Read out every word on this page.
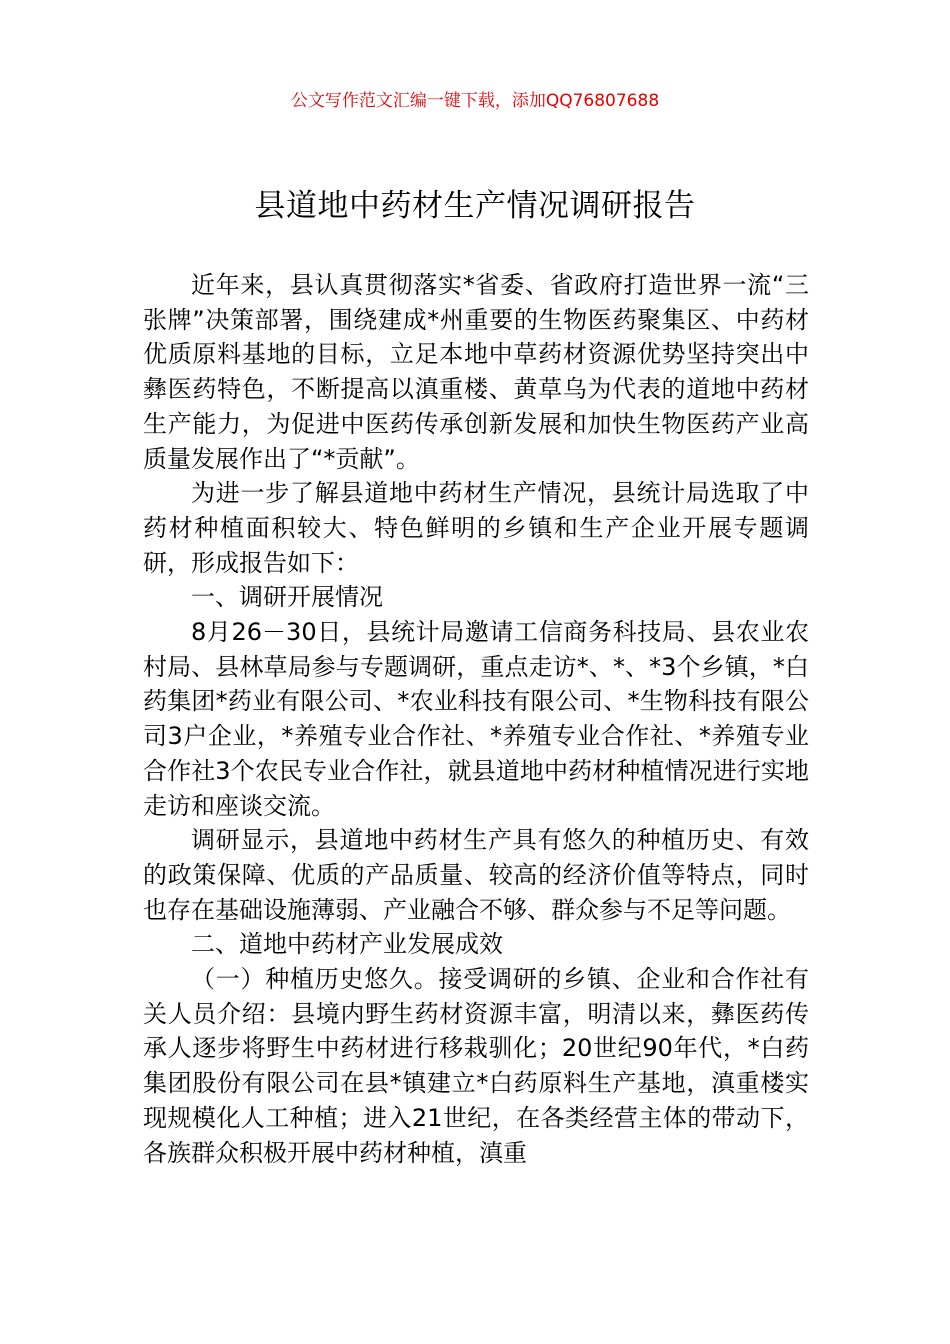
公文写作范文汇编一键下载，添加QQ76807688
县道地中药材生产情况调研报告

近年来，县认真贯彻落实*省委、省政府打造世界一流“三张牌”决策部署，围绕建成*州重要的生物医药聚集区、中药材优质原料基地的目标，立足本地中草药材资源优势坚持突出中彝医药特色，不断提高以滇重楼、黄草乌为代表的道地中药材生产能力，为促进中医药传承创新发展和加快生物医药产业高质量发展作出了“*贡献”。

为进一步了解县道地中药材生产情况，县统计局选取了中药材种植面积较大、特色鲜明的乡镇和生产企业开展专题调研，形成报告如下：

一、调研开展情况

8月26－30日，县统计局邀请工信商务科技局、县农业农村局、县林草局参与专题调研，重点走访*、*、*3个乡镇，*白药集团*药业有限公司、*农业科技有限公司、*生物科技有限公司3户企业，*养殖专业合作社、*养殖专业合作社、*养殖专业合作社3个农民专业合作社，就县道地中药材种植情况进行实地走访和座谈交流。

调研显示，县道地中药材生产具有悠久的种植历史、有效的政策保障、优质的产品质量、较高的经济价值等特点，同时也存在基础设施薄弱、产业融合不够、群众参与不足等问题。

二、道地中药材产业发展成效

（一）种植历史悠久。接受调研的乡镇、企业和合作社有关人员介绍：县境内野生药材资源丰富，明清以来，彝医药传承人逐步将野生中药材进行移栽驯化；20世纪90年代，*白药集团股份有限公司在县*镇建立*白药原料生产基地，滇重楼实现规模化人工种植；进入21世纪，在各类经营主体的带动下，各族群众积极开展中药材种植，滇重
